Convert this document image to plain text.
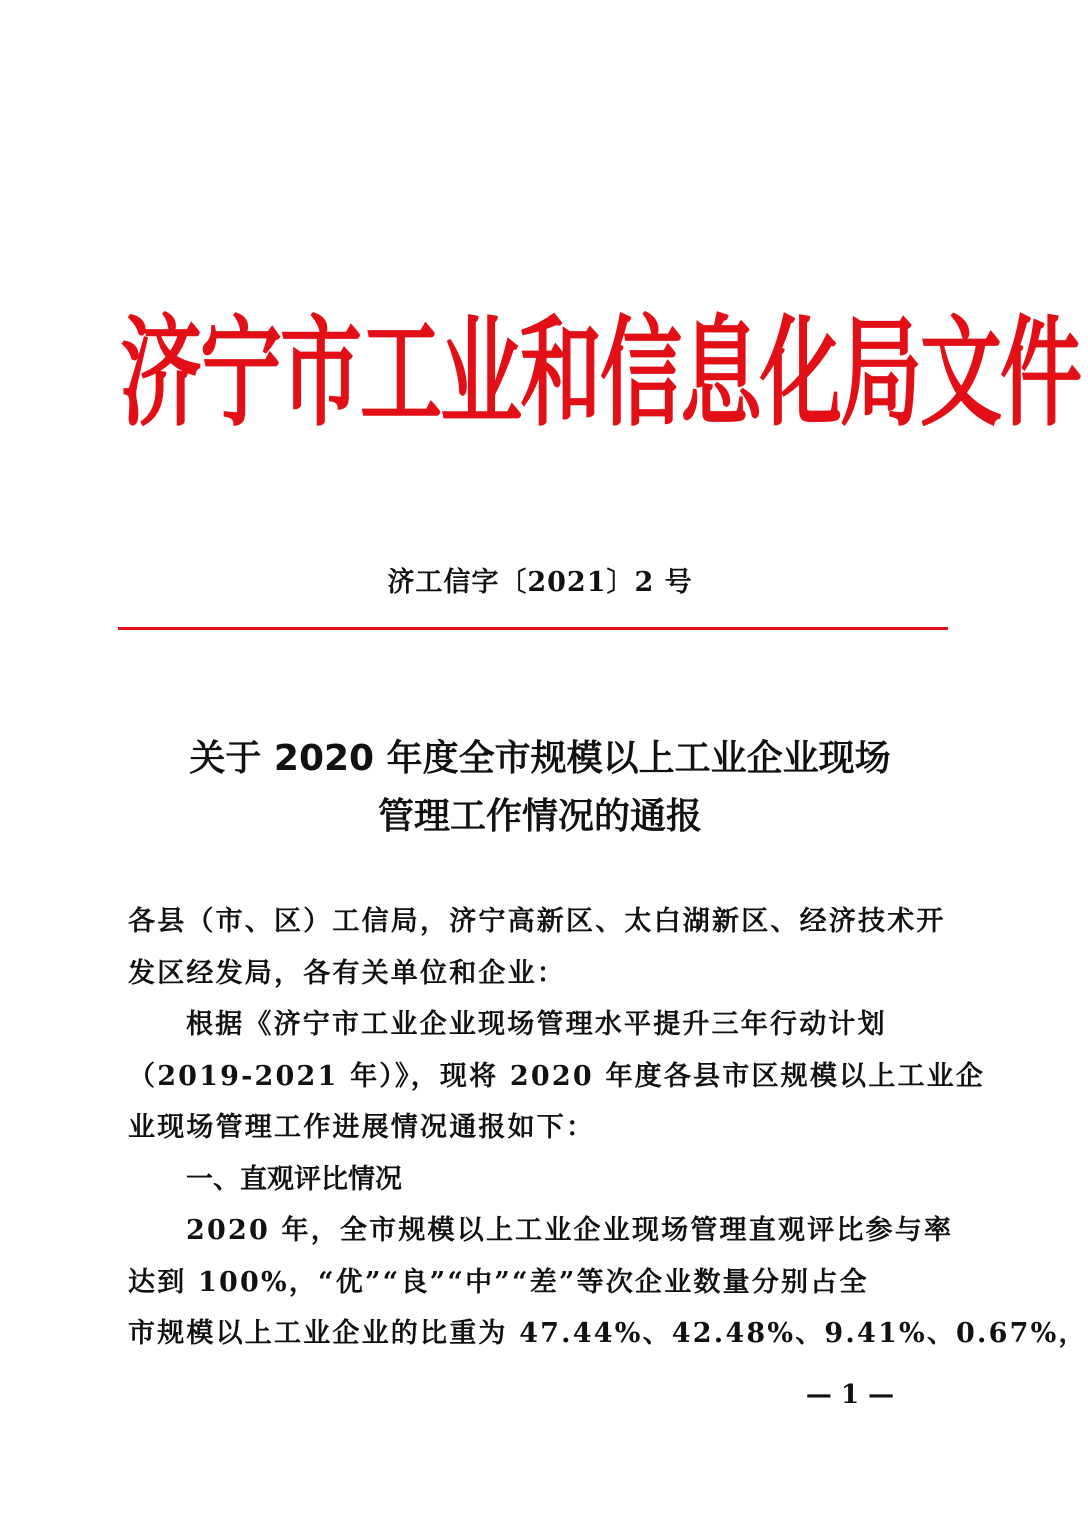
济宁市工业和信息化局文件
济工信字〔2021〕2 号
关于 2020 年度全市规模以上工业企业现场
管理工作情况的通报
各县（市、区）工信局，济宁高新区、太白湖新区、经济技术开
发区经发局，各有关单位和企业：
根据《济宁市工业企业现场管理水平提升三年行动计划
（2019-2021 年）》，现将 2020 年度各县市区规模以上工业企
业现场管理工作进展情况通报如下：
一、直观评比情况
2020 年，全市规模以上工业企业现场管理直观评比参与率
达到 100%，“优”“良”“中”“差”等次企业数量分别占全
市规模以上工业企业的比重为 47.44%、42.48%、9.41%、0.67%，
— 1 —
